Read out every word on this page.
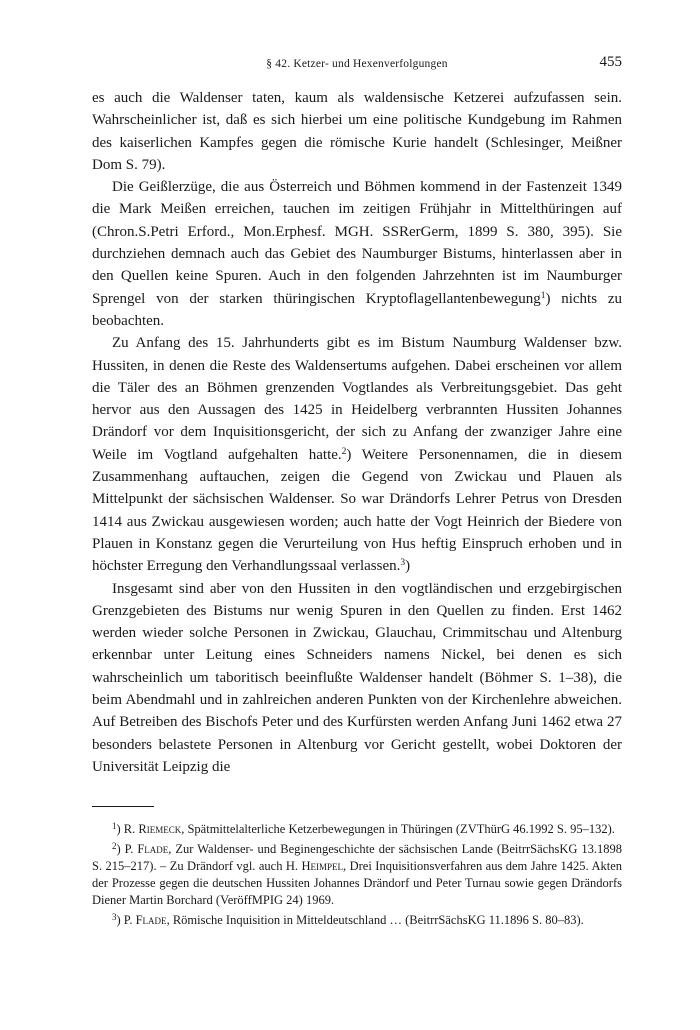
§ 42. Ketzer- und Hexenverfolgungen	455

es auch die Waldenser taten, kaum als waldensische Ketzerei aufzufassen sein. Wahrscheinlicher ist, daß es sich hierbei um eine politische Kundgebung im Rahmen des kaiserlichen Kampfes gegen die römische Kurie handelt (Schlesinger, Meißner Dom S. 79).

Die Geißlerzüge, die aus Österreich und Böhmen kommend in der Fastenzeit 1349 die Mark Meißen erreichen, tauchen im zeitigen Frühjahr in Mittelthüringen auf (Chron.S.Petri Erford., Mon.Erphesf. MGH. SSRerGerm, 1899 S. 380, 395). Sie durchziehen demnach auch das Gebiet des Naumburger Bistums, hinterlassen aber in den Quellen keine Spuren. Auch in den folgenden Jahrzehnten ist im Naumburger Sprengel von der starken thüringischen Kryptoflagellantenbewegung$^1$) nichts zu beobachten.

Zu Anfang des 15. Jahrhunderts gibt es im Bistum Naumburg Waldenser bzw. Hussiten, in denen die Reste des Waldensertums aufgehen. Dabei erscheinen vor allem die Täler des an Böhmen grenzenden Vogtlandes als Verbreitungsgebiet. Das geht hervor aus den Aussagen des 1425 in Heidelberg verbrannten Hussiten Johannes Drändorf vor dem Inquisitionsgericht, der sich zu Anfang der zwanziger Jahre eine Weile im Vogtland aufgehalten hatte.$^2$) Weitere Personennamen, die in diesem Zusammenhang auftauchen, zeigen die Gegend von Zwickau und Plauen als Mittelpunkt der sächsischen Waldenser. So war Drändorfs Lehrer Petrus von Dresden 1414 aus Zwickau ausgewiesen worden; auch hatte der Vogt Heinrich der Biedere von Plauen in Konstanz gegen die Verurteilung von Hus heftig Einspruch erhoben und in höchster Erregung den Verhandlungssaal verlassen.$^3$)

Insgesamt sind aber von den Hussiten in den vogtländischen und erzgebirgischen Grenzgebieten des Bistums nur wenig Spuren in den Quellen zu finden. Erst 1462 werden wieder solche Personen in Zwickau, Glauchau, Crimmitschau und Altenburg erkennbar unter Leitung eines Schneiders namens Nickel, bei denen es sich wahrscheinlich um taboritisch beeinflußte Waldenser handelt (Böhmer S. 1–38), die beim Abendmahl und in zahlreichen anderen Punkten von der Kirchenlehre abweichen. Auf Betreiben des Bischofs Peter und des Kurfürsten werden Anfang Juni 1462 etwa 27 besonders belastete Personen in Altenburg vor Gericht gestellt, wobei Doktoren der Universität Leipzig die

$^1$) R. Riemeck, Spätmittelalterliche Ketzerbewegungen in Thüringen (ZVThürG 46.1992 S. 95–132).

$^2$) P. Flade, Zur Waldenser- und Beginengeschichte der sächsischen Lande (BeitrrSächsKG 13.1898 S. 215–217). – Zu Drändorf vgl. auch H. Heimpel, Drei Inquisitionsverfahren aus dem Jahre 1425. Akten der Prozesse gegen die deutschen Hussiten Johannes Drändorf und Peter Turnau sowie gegen Drändorfs Diener Martin Borchard (VeröffMPIG 24) 1969.

$^3$) P. Flade, Römische Inquisition in Mitteldeutschland … (BeitrrSächsKG 11.1896 S. 80–83).
